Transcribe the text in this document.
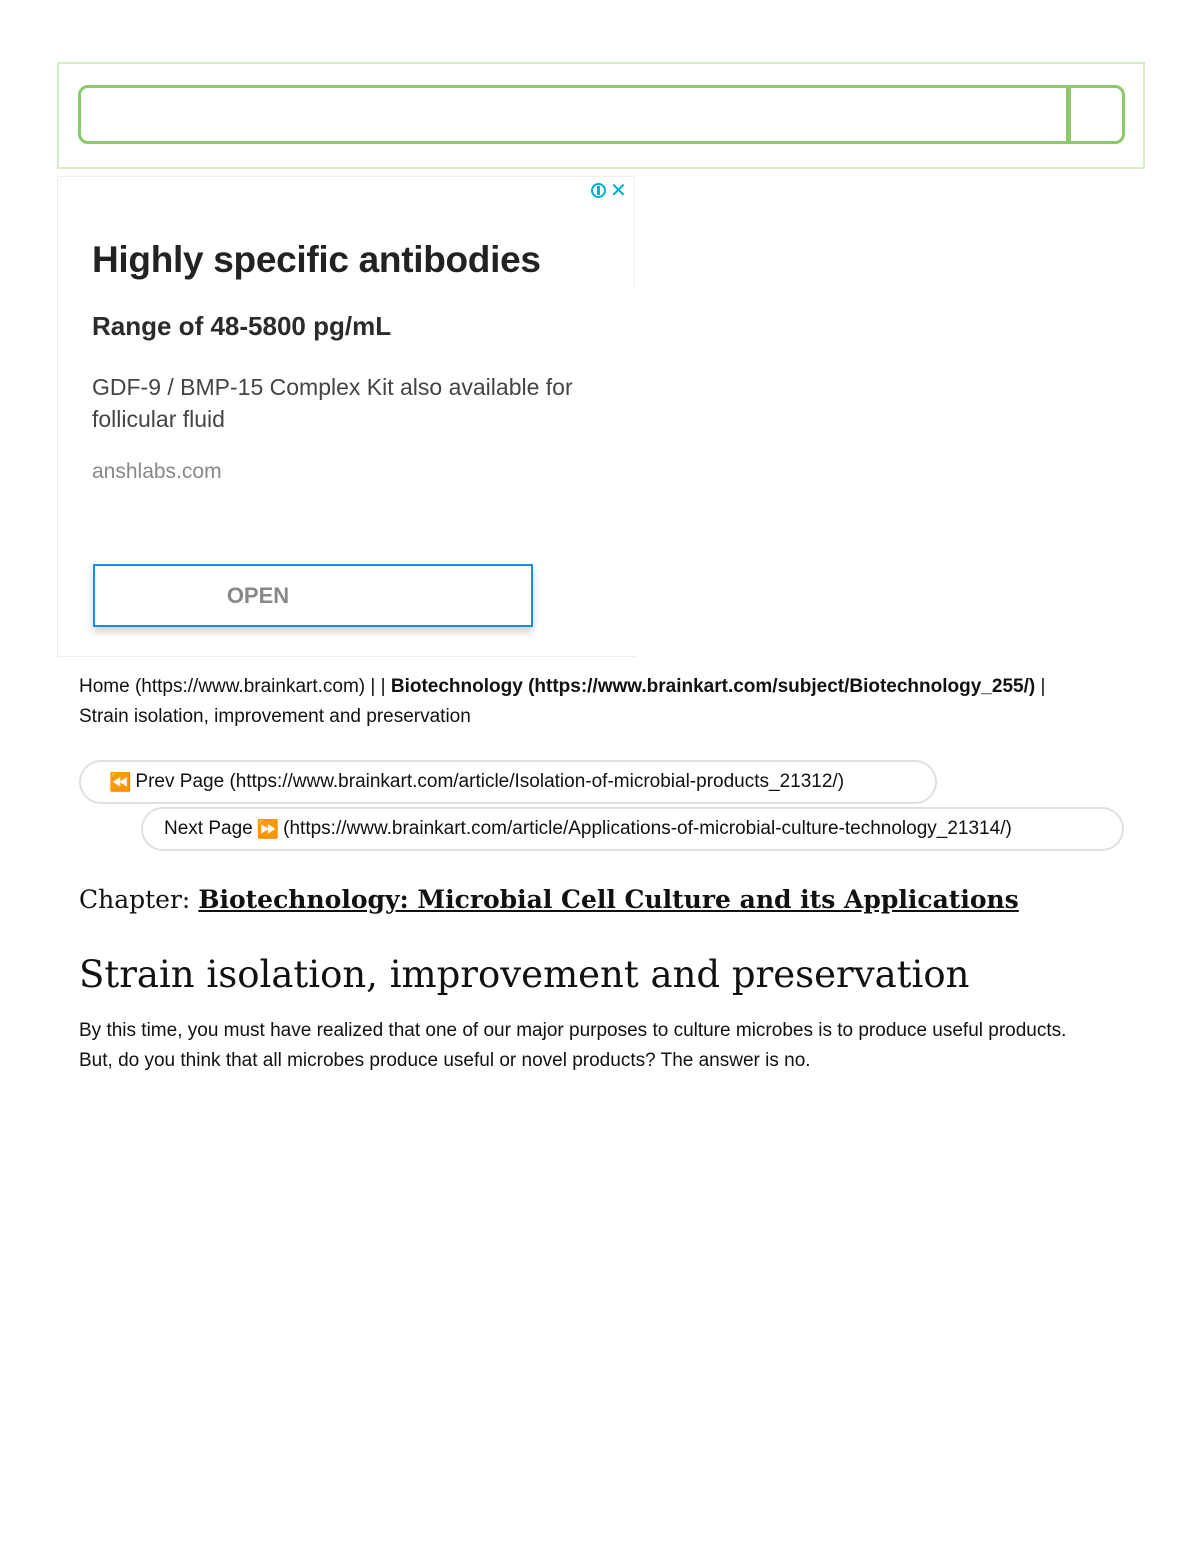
Highly specific antibodies
Range of 48-5800 pg/mL
GDF-9 / BMP-15 Complex Kit also available for follicular fluid
anshlabs.com
OPEN
✕
Home (https://www.brainkart.com) | | Biotechnology (https://www.brainkart.com/subject/Biotechnology_255/) |
Strain isolation, improvement and preservation
⏪ Prev Page
(https://www.brainkart.com/article/Isolation-of-microbial-products_21312/)
Next Page ⏩ (https://www.brainkart.com/article/Applications-of-microbial-culture-technology_21314/)
Chapter: Biotechnology: Microbial Cell Culture and its Applications
Strain isolation, improvement and preservation
By this time, you must have realized that one of our major purposes to culture microbes is to produce useful products. But, do you think that all microbes produce useful or novel products? The answer is no.
